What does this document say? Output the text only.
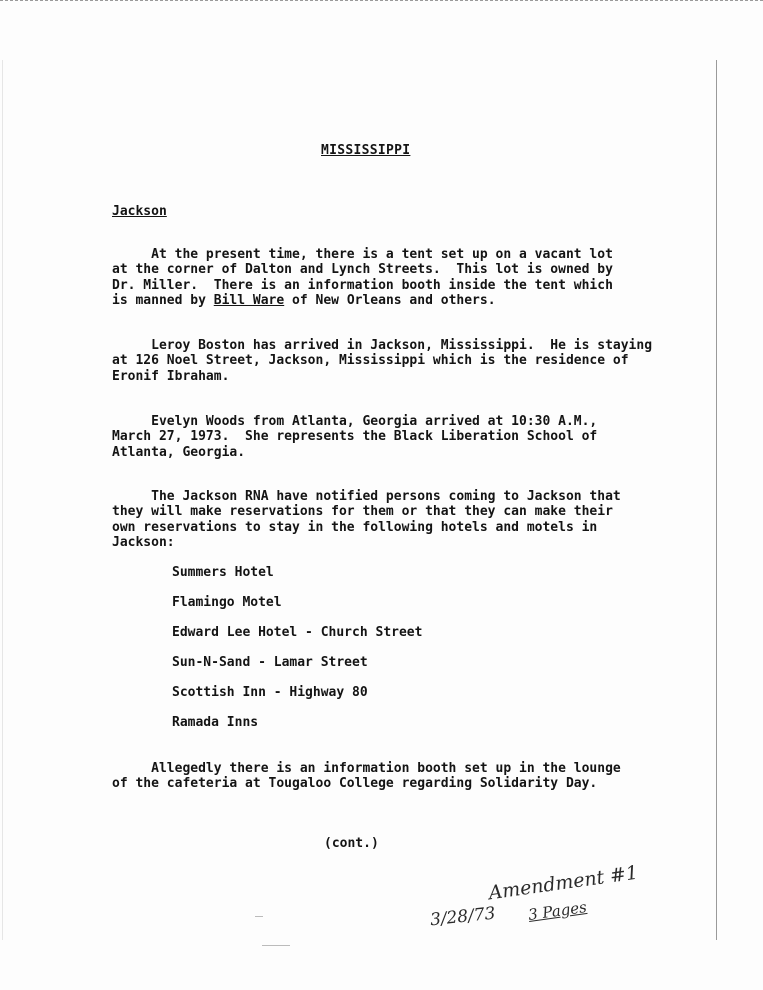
MISSISSIPPI
Jackson
At the present time, there is a tent set up on a vacant lot
at the corner of Dalton and Lynch Streets.  This lot is owned by
Dr. Miller.  There is an information booth inside the tent which
is manned by Bill Ware of New Orleans and others.
Leroy Boston has arrived in Jackson, Mississippi.  He is staying
at 126 Noel Street, Jackson, Mississippi which is the residence of
Eronif Ibraham.
Evelyn Woods from Atlanta, Georgia arrived at 10:30 A.M.,
March 27, 1973.  She represents the Black Liberation School of
Atlanta, Georgia.
The Jackson RNA have notified persons coming to Jackson that
they will make reservations for them or that they can make their
own reservations to stay in the following hotels and motels in
Jackson:
Summers Hotel
Flamingo Motel
Edward Lee Hotel - Church Street
Sun-N-Sand - Lamar Street
Scottish Inn - Highway 80
Ramada Inns
Allegedly there is an information booth set up in the lounge
of the cafeteria at Tougaloo College regarding Solidarity Day.
(cont.)
Amendment #1
3/28/73 3 Pages
